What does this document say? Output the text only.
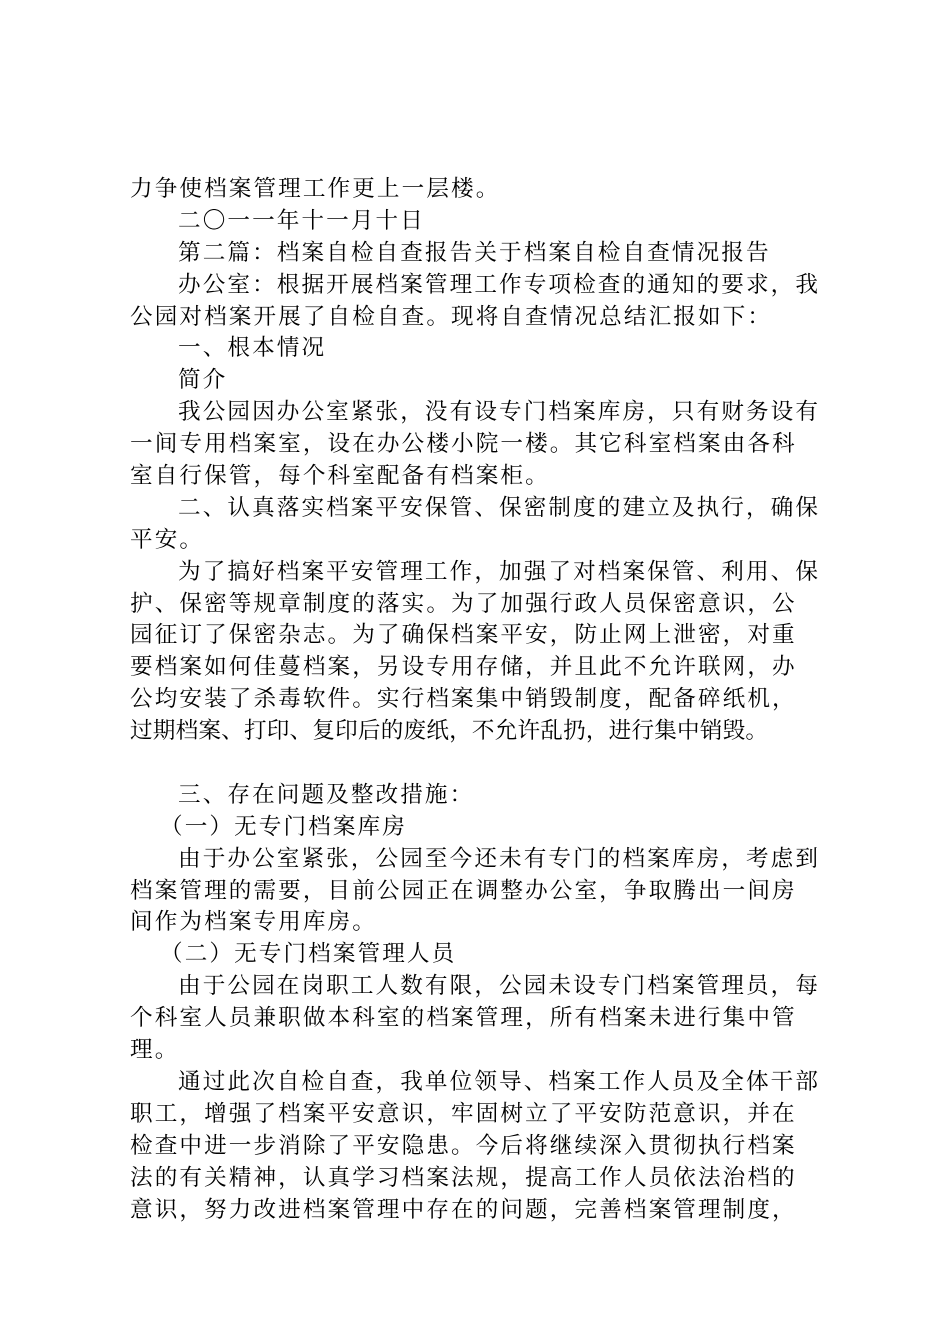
力争使档案管理工作更上一层楼。
二〇一一年十一月十日
第二篇：档案自检自查报告关于档案自检自查情况报告
办公室：根据开展档案管理工作专项检查的通知的要求，我
公园对档案开展了自检自查。现将自查情况总结汇报如下：
一、根本情况
简介
我公园因办公室紧张，没有设专门档案库房，只有财务设有
一间专用档案室，设在办公楼小院一楼。其它科室档案由各科
室自行保管，每个科室配备有档案柜。
二、认真落实档案平安保管、保密制度的建立及执行，确保
平安。
为了搞好档案平安管理工作，加强了对档案保管、利用、保
护、保密等规章制度的落实。为了加强行政人员保密意识，公
园征订了保密杂志。为了确保档案平安，防止网上泄密，对重
要档案如何佳蔓档案，另设专用存储，并且此不允许联网，办
公均安装了杀毒软件。实行档案集中销毁制度，配备碎纸机，
过期档案、打印、复印后的废纸，不允许乱扔，进行集中销毁。
三、存在问题及整改措施：
（一）无专门档案库房
由于办公室紧张，公园至今还未有专门的档案库房，考虑到
档案管理的需要，目前公园正在调整办公室，争取腾出一间房
间作为档案专用库房。
（二）无专门档案管理人员
由于公园在岗职工人数有限，公园未设专门档案管理员，每
个科室人员兼职做本科室的档案管理，所有档案未进行集中管
理。
通过此次自检自查，我单位领导、档案工作人员及全体干部
职工，增强了档案平安意识，牢固树立了平安防范意识，并在
检查中进一步消除了平安隐患。今后将继续深入贯彻执行档案
法的有关精神，认真学习档案法规，提高工作人员依法治档的
意识，努力改进档案管理中存在的问题，完善档案管理制度，
